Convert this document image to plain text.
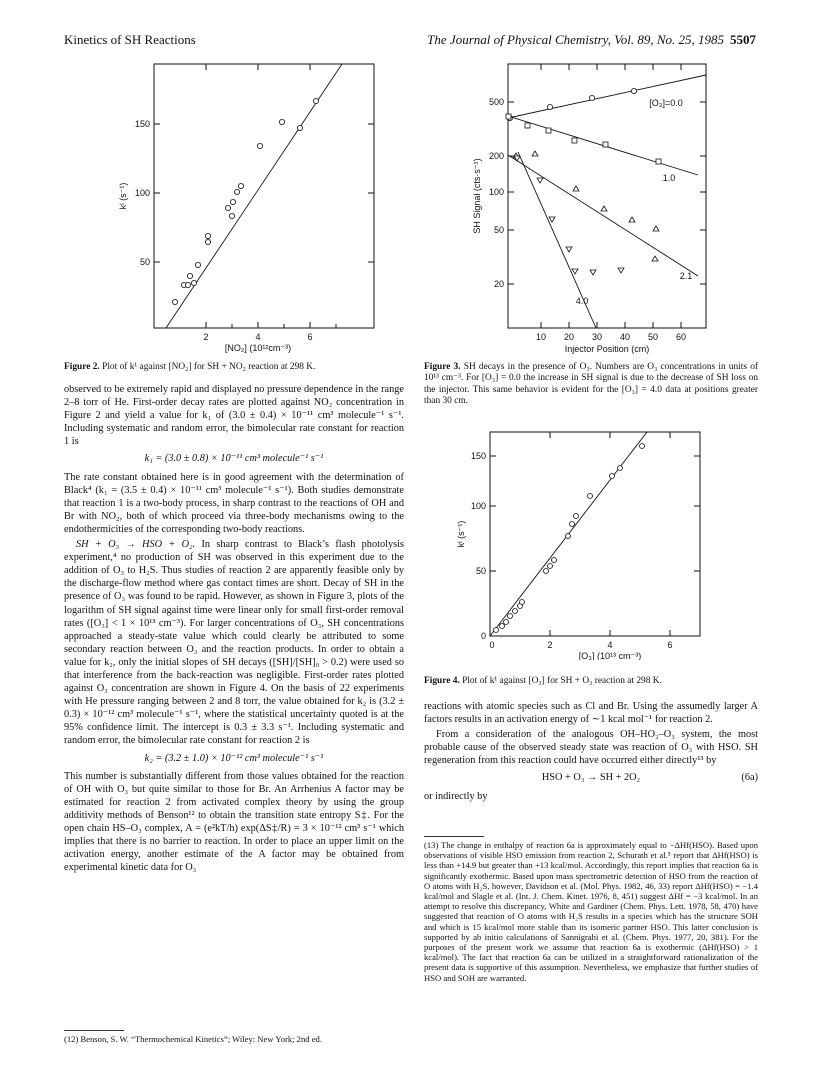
Kinetics of SH Reactions	The Journal of Physical Chemistry, Vol. 89, No. 25, 1985 5507
150
100
50
2	4	6
[NO₂] (10¹²cm⁻³)
kᴵ (s⁻¹)
Figure 2. Plot of k¹ against [NO₂] for SH + NO₂ reaction at 298 K.
[O₃]=0.0
1.0
2.1
4.0
500
200
100
50
20
10 20 30 40 50 60
Injector Position (cm)
SH Signal (cts·s⁻¹)
Figure 3. SH decays in the presence of O₃. Numbers are O₃ concentrations in units of 10¹³ cm⁻³. For [O₃] = 0.0 the increase in SH signal is due to the decrease of SH loss on the injector. This same behavior is evident for the [O₃] = 4.0 data at positions greater than 30 cm.
150
100
50
0
0	2	4	6
[O₃] (10¹³ cm⁻³)
kᴵ (s⁻¹)
Figure 4. Plot of k¹ against [O₃] for SH + O₃ reaction at 298 K.

observed to be extremely rapid and displayed no pressure dependence in the range 2–8 torr of He. First-order decay rates are plotted against NO₂ concentration in Figure 2 and yield a value for k₁ of (3.0 ± 0.4) × 10⁻¹¹ cm³ molecule⁻¹ s⁻¹. Including systematic and random error, the bimolecular rate constant for reaction 1 is

k₁ = (3.0 ± 0.8) × 10⁻¹¹ cm³ molecule⁻¹ s⁻¹

The rate constant obtained here is in good agreement with the determination of Black⁴ (k₁ = (3.5 ± 0.4) × 10⁻¹¹ cm³ molecule⁻¹ s⁻¹). Both studies demonstrate that reaction 1 is a two-body process, in sharp contrast to the reactions of OH and Br with NO₂, both of which proceed via three-body mechanisms owing to the endothermicities of the corresponding two-body reactions.

SH + O₃ → HSO + O₂. In sharp contrast to Black’s flash photolysis experiment,⁴ no production of SH was observed in this experiment due to the addition of O₃ to H₂S. Thus studies of reaction 2 are apparently feasible only by the discharge-flow method where gas contact times are short. Decay of SH in the presence of O₃ was found to be rapid. However, as shown in Figure 3, plots of the logarithm of SH signal against time were linear only for small first-order removal rates ([O₃] < 1 × 10¹³ cm⁻³). For larger concentrations of O₃, SH concentrations approached a steady-state value which could clearly be attributed to some secondary reaction between O₃ and the reaction products. In order to obtain a value for k₂, only the initial slopes of SH decays ([SH]/[SH]₀ > 0.2) were used so that interference from the back-reaction was negligible. First-order rates plotted against O₃ concentration are shown in Figure 4. On the basis of 22 experiments with He pressure ranging between 2 and 8 torr, the value obtained for k₂ is (3.2 ± 0.3) × 10⁻¹² cm³ molecule⁻¹ s⁻¹, where the statistical uncertainty quoted is at the 95% confidence limit. The intercept is 0.3 ± 3.3 s⁻¹. Including systematic and random error, the bimolecular rate constant for reaction 2 is

k₂ = (3.2 ± 1.0) × 10⁻¹² cm³ molecule⁻¹ s⁻¹

This number is substantially different from those values obtained for the reaction of OH with O₃ but quite similar to those for Br. An Arrhenius A factor may be estimated for reaction 2 from activated complex theory by using the group additivity methods of Benson¹² to obtain the transition state entropy S‡. For the open chain HS–O₃ complex, A = (e²kT/h) exp(ΔS‡/R) = 3 × 10⁻¹² cm³ s⁻¹ which implies that there is no barrier to reaction. In order to place an upper limit on the activation energy, another estimate of the A factor may be obtained from experimental kinetic data for O₃

(12) Benson, S. W. “Thermochemical Kinetics”; Wiley: New York; 2nd ed.

reactions with atomic species such as Cl and Br. Using the assumedly larger A factors results in an activation energy of ∼1 kcal mol⁻¹ for reaction 2.

From a consideration of the analogous OH–HO₂–O₃ system, the most probable cause of the observed steady state was reaction of O₃ with HSO. SH regeneration from this reaction could have occurred either directly¹³ by

HSO + O₃ → SH + 2O₂	(6a)

or indirectly by

(13) The change in enthalpy of reaction 6a is approximately equal to −ΔHf(HSO). Based upon observations of visible HSO emission from reaction 2, Schurath et al.⁵ report that ΔHf(HSO) is less than +14.9 but greater than +13 kcal/mol. Accordingly, this report implies that reaction 6a is significantly exothermic. Based upon mass spectrometric detection of HSO from the reaction of O atoms with H₂S, however, Davidson et al. (Mol. Phys. 1982, 46, 33) report ΔHf(HSO) = −1.4 kcal/mol and Slagle et al. (Int. J. Chem. Kinet. 1976, 8, 451) suggest ΔHf = −3 kcal/mol. In an attempt to resolve this discrepancy, White and Gardiner (Chem. Phys. Lett. 1978, 58, 470) have suggested that reaction of O atoms with H₂S results in a species which has the structure SOH and which is 15 kcal/mol more stable than its isomeric partner HSO. This latter conclusion is supported by ab initio calculations of Sannigrahi et al. (Chem. Phys. 1977, 20, 381). For the purposes of the present work we assume that reaction 6a is exothermic (ΔHf(HSO) > 1 kcal/mol). The fact that reaction 6a can be utilized in a straightforward rationalization of the present data is supportive of this assumption. Nevertheless, we emphasize that further studies of HSO and SOH are warranted.
